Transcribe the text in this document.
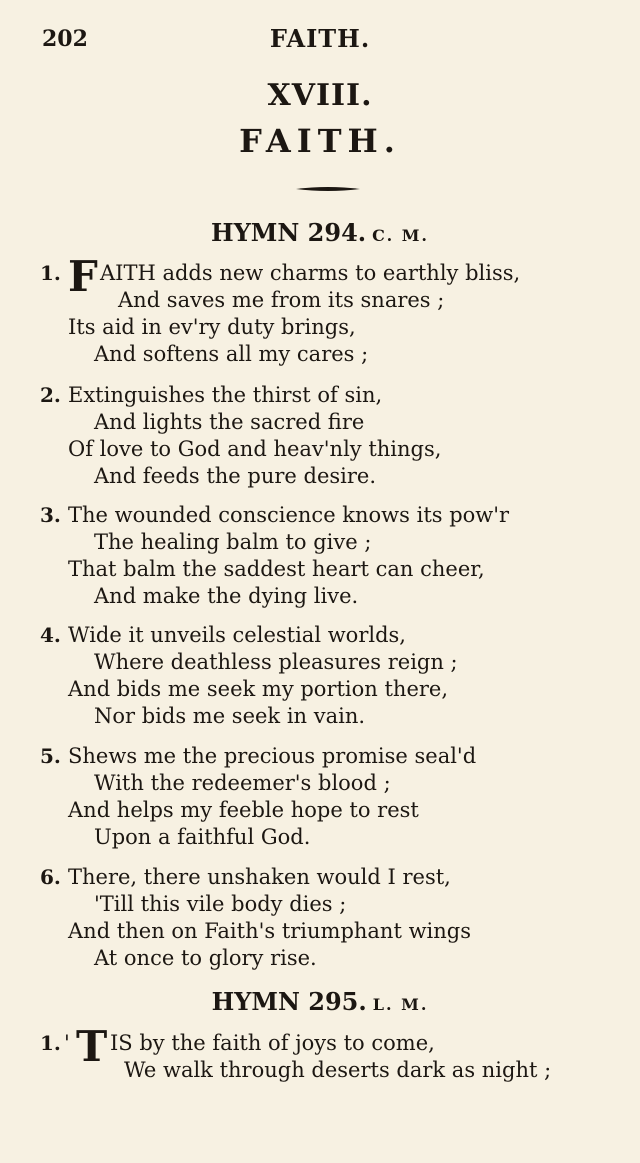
202	FAITH.
XVIII.
FAITH.
HYMN 294. C. M.
1. F AITH adds new charms to earthly bliss,
And saves me from its snares ;
Its aid in ev'ry duty brings,
And softens all my cares ;
2. Extinguishes the thirst of sin,
And lights the sacred fire
Of love to God and heav'nly things,
And feeds the pure desire.
3. The wounded conscience knows its pow'r
The healing balm to give ;
That balm the saddest heart can cheer,
And make the dying live.
4. Wide it unveils celestial worlds,
Where deathless pleasures reign ;
And bids me seek my portion there,
Nor bids me seek in vain.
5. Shews me the precious promise seal'd
With the redeemer's blood ;
And helps my feeble hope to rest
Upon a faithful God.
6. There, there unshaken would I rest,
'Till this vile body dies ;
And then on Faith's triumphant wings
At once to glory rise.
HYMN 295. L. M.
1. ' T IS by the faith of joys to come,
We walk through deserts dark as night ;
